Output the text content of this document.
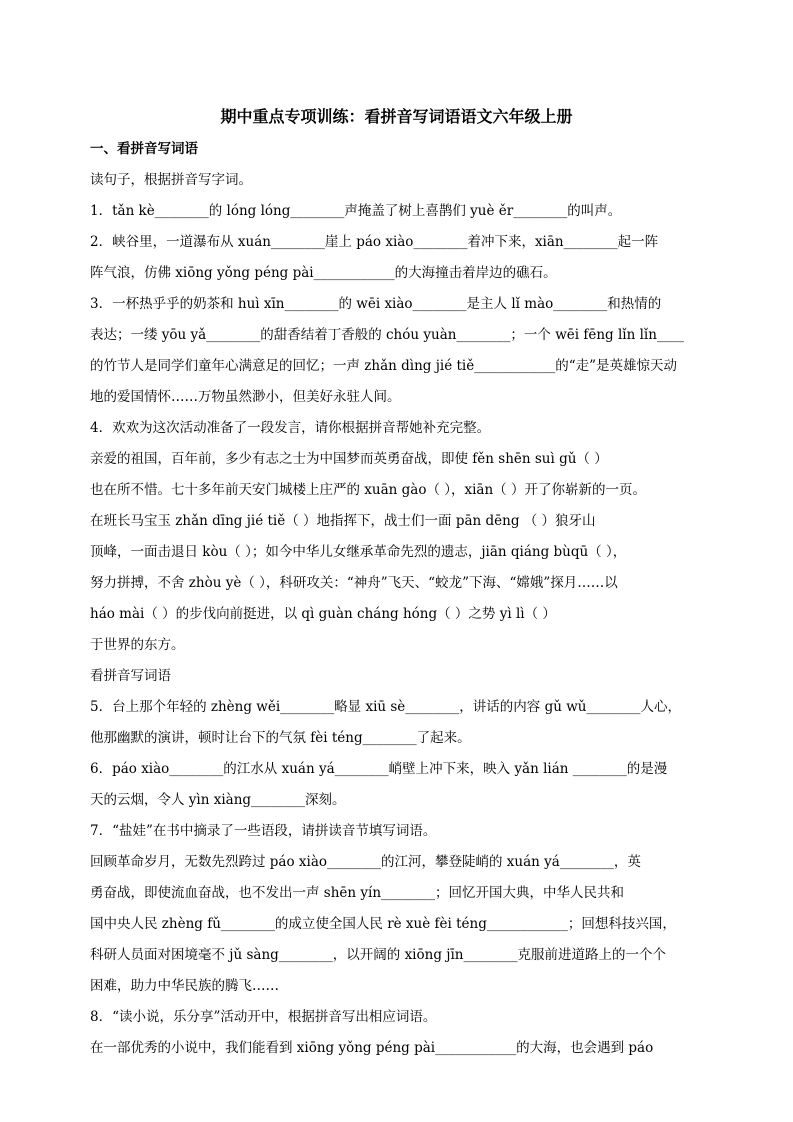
期中重点专项训练：看拼音写词语语文六年级上册
一、看拼音写词语
读句子，根据拼音写字词。
1．tǎn kè________的 lóng lóng________声掩盖了树上喜鹊们 yuè ěr________的叫声。
2．峡谷里，一道瀑布从 xuán________崖上 páo xiào________着冲下来，xiān________起一阵
阵气浪，仿佛 xiōng yǒng péng pài____________的大海撞击着岸边的礁石。
3．一杯热乎乎的奶茶和 huì xīn________的 wēi xiào________是主人 lǐ mào________和热情的
表达；一缕 yōu yǎ________的甜香结着丁香般的 chóu yuàn________；一个 wēi fēng lǐn lǐn____
的竹节人是同学们童年心满意足的回忆；一声 zhǎn dìng jié tiě____________的“走”是英雄惊天动
地的爱国情怀……万物虽然渺小，但美好永驻人间。
4．欢欢为这次活动准备了一段发言，请你根据拼音帮她补充完整。
亲爱的祖国，百年前，多少有志之士为中国梦而英勇奋战，即使 fěn shēn suì gǔ（ ）
也在所不惜。七十多年前天安门城楼上庄严的 xuān gào（ ），xiān（ ）开了你崭新的一页。
在班长马宝玉 zhǎn dīng jié tiě（ ）地指挥下，战士们一面 pān dēng （ ）狼牙山
顶峰，一面击退日 kòu（ ）；如今中华儿女继承革命先烈的遗志，jiān qiáng bùqū（ ），
努力拼搏，不舍 zhòu yè（ ），科研攻关：“神舟”飞天、“蛟龙”下海、“嫦娥”探月……以
háo mài（ ）的步伐向前挺进，以 qì guàn cháng hóng（ ）之势 yì lì（ ）
于世界的东方。
看拼音写词语
5．台上那个年轻的 zhèng wěi________略显 xiū sè________，讲话的内容 gǔ wǔ________人心，
他那幽默的演讲，顿时让台下的气氛 fèi téng________了起来。
6．páo xiào________的江水从 xuán yá________峭壁上冲下来，映入 yǎn lián ________的是漫
天的云烟，令人 yìn xiàng________深刻。
7．“盐娃”在书中摘录了一些语段，请拼读音节填写词语。
回顾革命岁月，无数先烈跨过 páo xiào________的江河，攀登陡峭的 xuán yá________，英
勇奋战，即使流血奋战，也不发出一声 shēn yín________；回忆开国大典，中华人民共和
国中央人民 zhèng fǔ________的成立使全国人民 rè xuè fèi téng____________；回想科技兴国，
科研人员面对困境毫不 jǔ sàng________，以开阔的 xiōng jīn________克服前进道路上的一个个
困难，助力中华民族的腾飞……
8．“读小说，乐分享”活动开中，根据拼音写出相应词语。
在一部优秀的小说中，我们能看到 xiōng yǒng péng pài____________的大海，也会遇到 páo
